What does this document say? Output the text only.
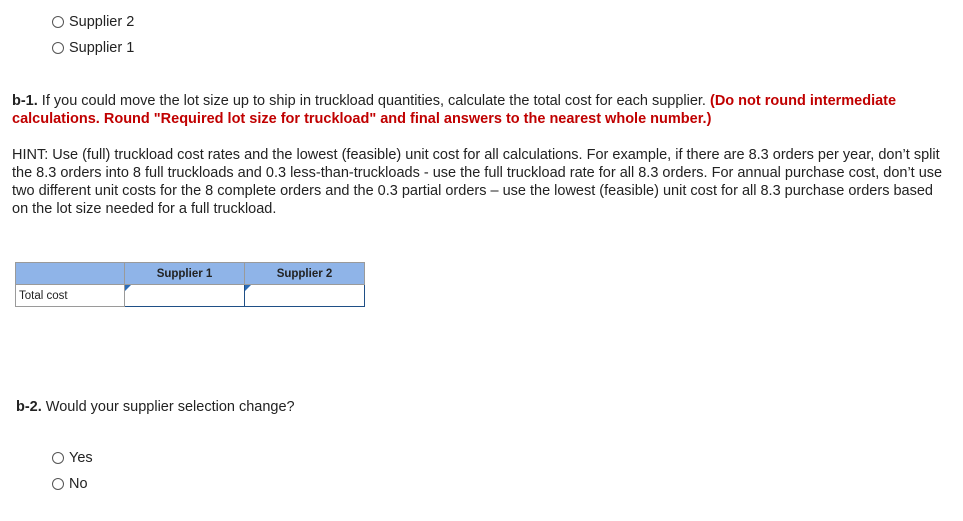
Supplier 2
Supplier 1
b-1. If you could move the lot size up to ship in truckload quantities, calculate the total cost for each supplier. (Do not round intermediate calculations. Round "Required lot size for truckload" and final answers to the nearest whole number.)
HINT: Use (full) truckload cost rates and the lowest (feasible) unit cost for all calculations. For example, if there are 8.3 orders per year, don’t split the 8.3 orders into 8 full truckloads and 0.3 less-than-truckloads - use the full truckload rate for all 8.3 orders. For annual purchase cost, don’t use two different unit costs for the 8 complete orders and the 0.3 partial orders – use the lowest (feasible) unit cost for all 8.3 purchase orders based on the lot size needed for a full truckload.
	Supplier 1	Supplier 2
Total cost	

b-2. Would your supplier selection change?
Yes
No
